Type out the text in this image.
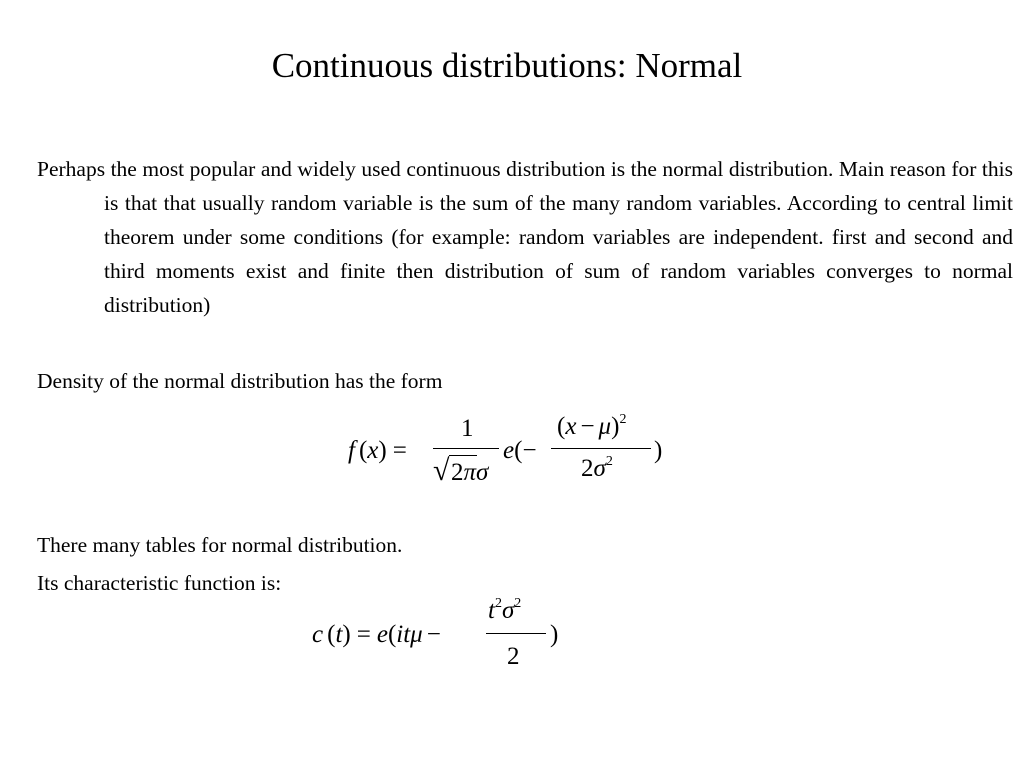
Continuous distributions: Normal
Perhaps the most popular and widely used continuous distribution is the normal distribution. Main reason for this is that that usually random variable is the sum of the many random variables. According to central limit theorem under some conditions (for example: random variables are independent. first and second and third moments exist and finite then distribution of sum of random variables converges to normal distribution)
Density of the normal distribution has the form
f (x) =
1
√ 2πσ
e(−
$(x - \mu)^2$
$2\sigma^2$ )
There many tables for normal distribution.
Its characteristic function is:
c (t) = e(itμ −
$t^2\sigma^2$
2
)
